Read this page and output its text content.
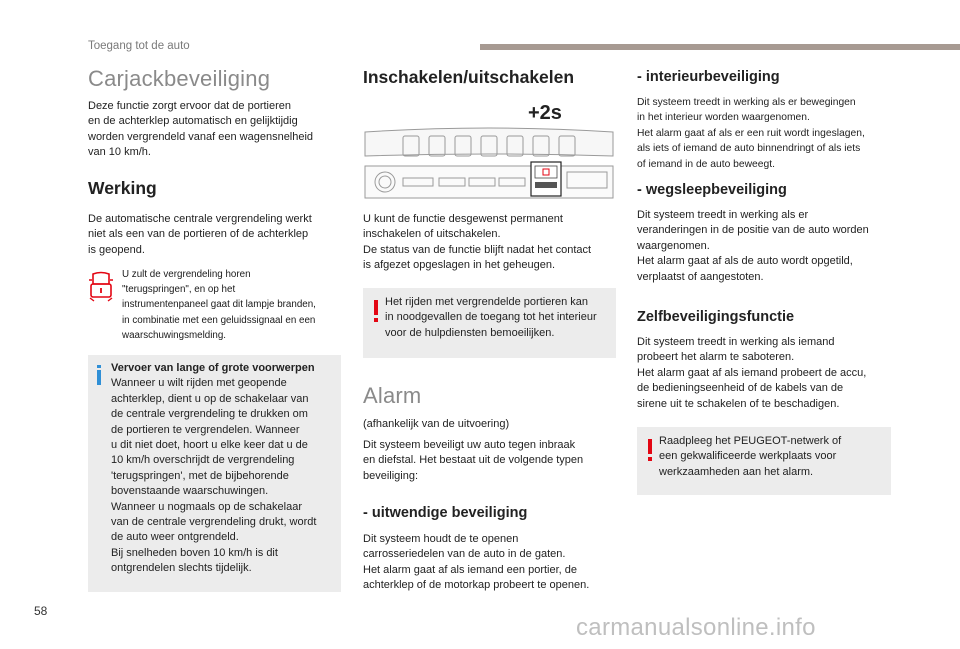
Toegang tot de auto
Carjackbeveiliging
Deze functie zorgt ervoor dat de portieren
en de achterklep automatisch en gelijktijdig
worden vergrendeld vanaf een wagensnelheid
van 10 km/h.
Werking
De automatische centrale vergrendeling werkt
niet als een van de portieren of de achterklep
is geopend.
U zult de vergrendeling horen
"terugspringen", en op het
instrumentenpaneel gaat dit lampje branden,
in combinatie met een geluidssignaal en een
waarschuwingsmelding.
Vervoer van lange of grote voorwerpen
Wanneer u wilt rijden met geopende
achterklep, dient u op de schakelaar van
de centrale vergrendeling te drukken om
de portieren te vergrendelen. Wanneer
u dit niet doet, hoort u elke keer dat u de
10 km/h overschrijdt de vergrendeling
'terugspringen', met de bijbehorende
bovenstaande waarschuwingen.
Wanneer u nogmaals op de schakelaar
van de centrale vergrendeling drukt, wordt
de auto weer ontgrendeld.
Bij snelheden boven 10 km/h is dit
ontgrendelen slechts tijdelijk.
Inschakelen/uitschakelen
+2s
U kunt de functie desgewenst permanent
inschakelen of uitschakelen.
De status van de functie blijft nadat het contact
is afgezet opgeslagen in het geheugen.
Het rijden met vergrendelde portieren kan
in noodgevallen de toegang tot het interieur
voor de hulpdiensten bemoeilijken.
Alarm
(afhankelijk van de uitvoering)
Dit systeem beveiligt uw auto tegen inbraak
en diefstal. Het bestaat uit de volgende typen
beveiliging:
- uitwendige beveiliging
Dit systeem houdt de te openen
carrosseriedelen van de auto in de gaten.
Het alarm gaat af als iemand een portier, de
achterklep of de motorkap probeert te openen.
- interieurbeveiliging
Dit systeem treedt in werking als er bewegingen
in het interieur worden waargenomen.
Het alarm gaat af als er een ruit wordt ingeslagen,
als iets of iemand de auto binnendringt of als iets
of iemand in de auto beweegt.
- wegsleepbeveiliging
Dit systeem treedt in werking als er
veranderingen in de positie van de auto worden
waargenomen.
Het alarm gaat af als de auto wordt opgetild,
verplaatst of aangestoten.
Zelfbeveiligingsfunctie
Dit systeem treedt in werking als iemand
probeert het alarm te saboteren.
Het alarm gaat af als iemand probeert de accu,
de bedieningseenheid of de kabels van de
sirene uit te schakelen of te beschadigen.
Raadpleeg het PEUGEOT-netwerk of
een gekwalificeerde werkplaats voor
werkzaamheden aan het alarm.
58
carmanualsonline.info
